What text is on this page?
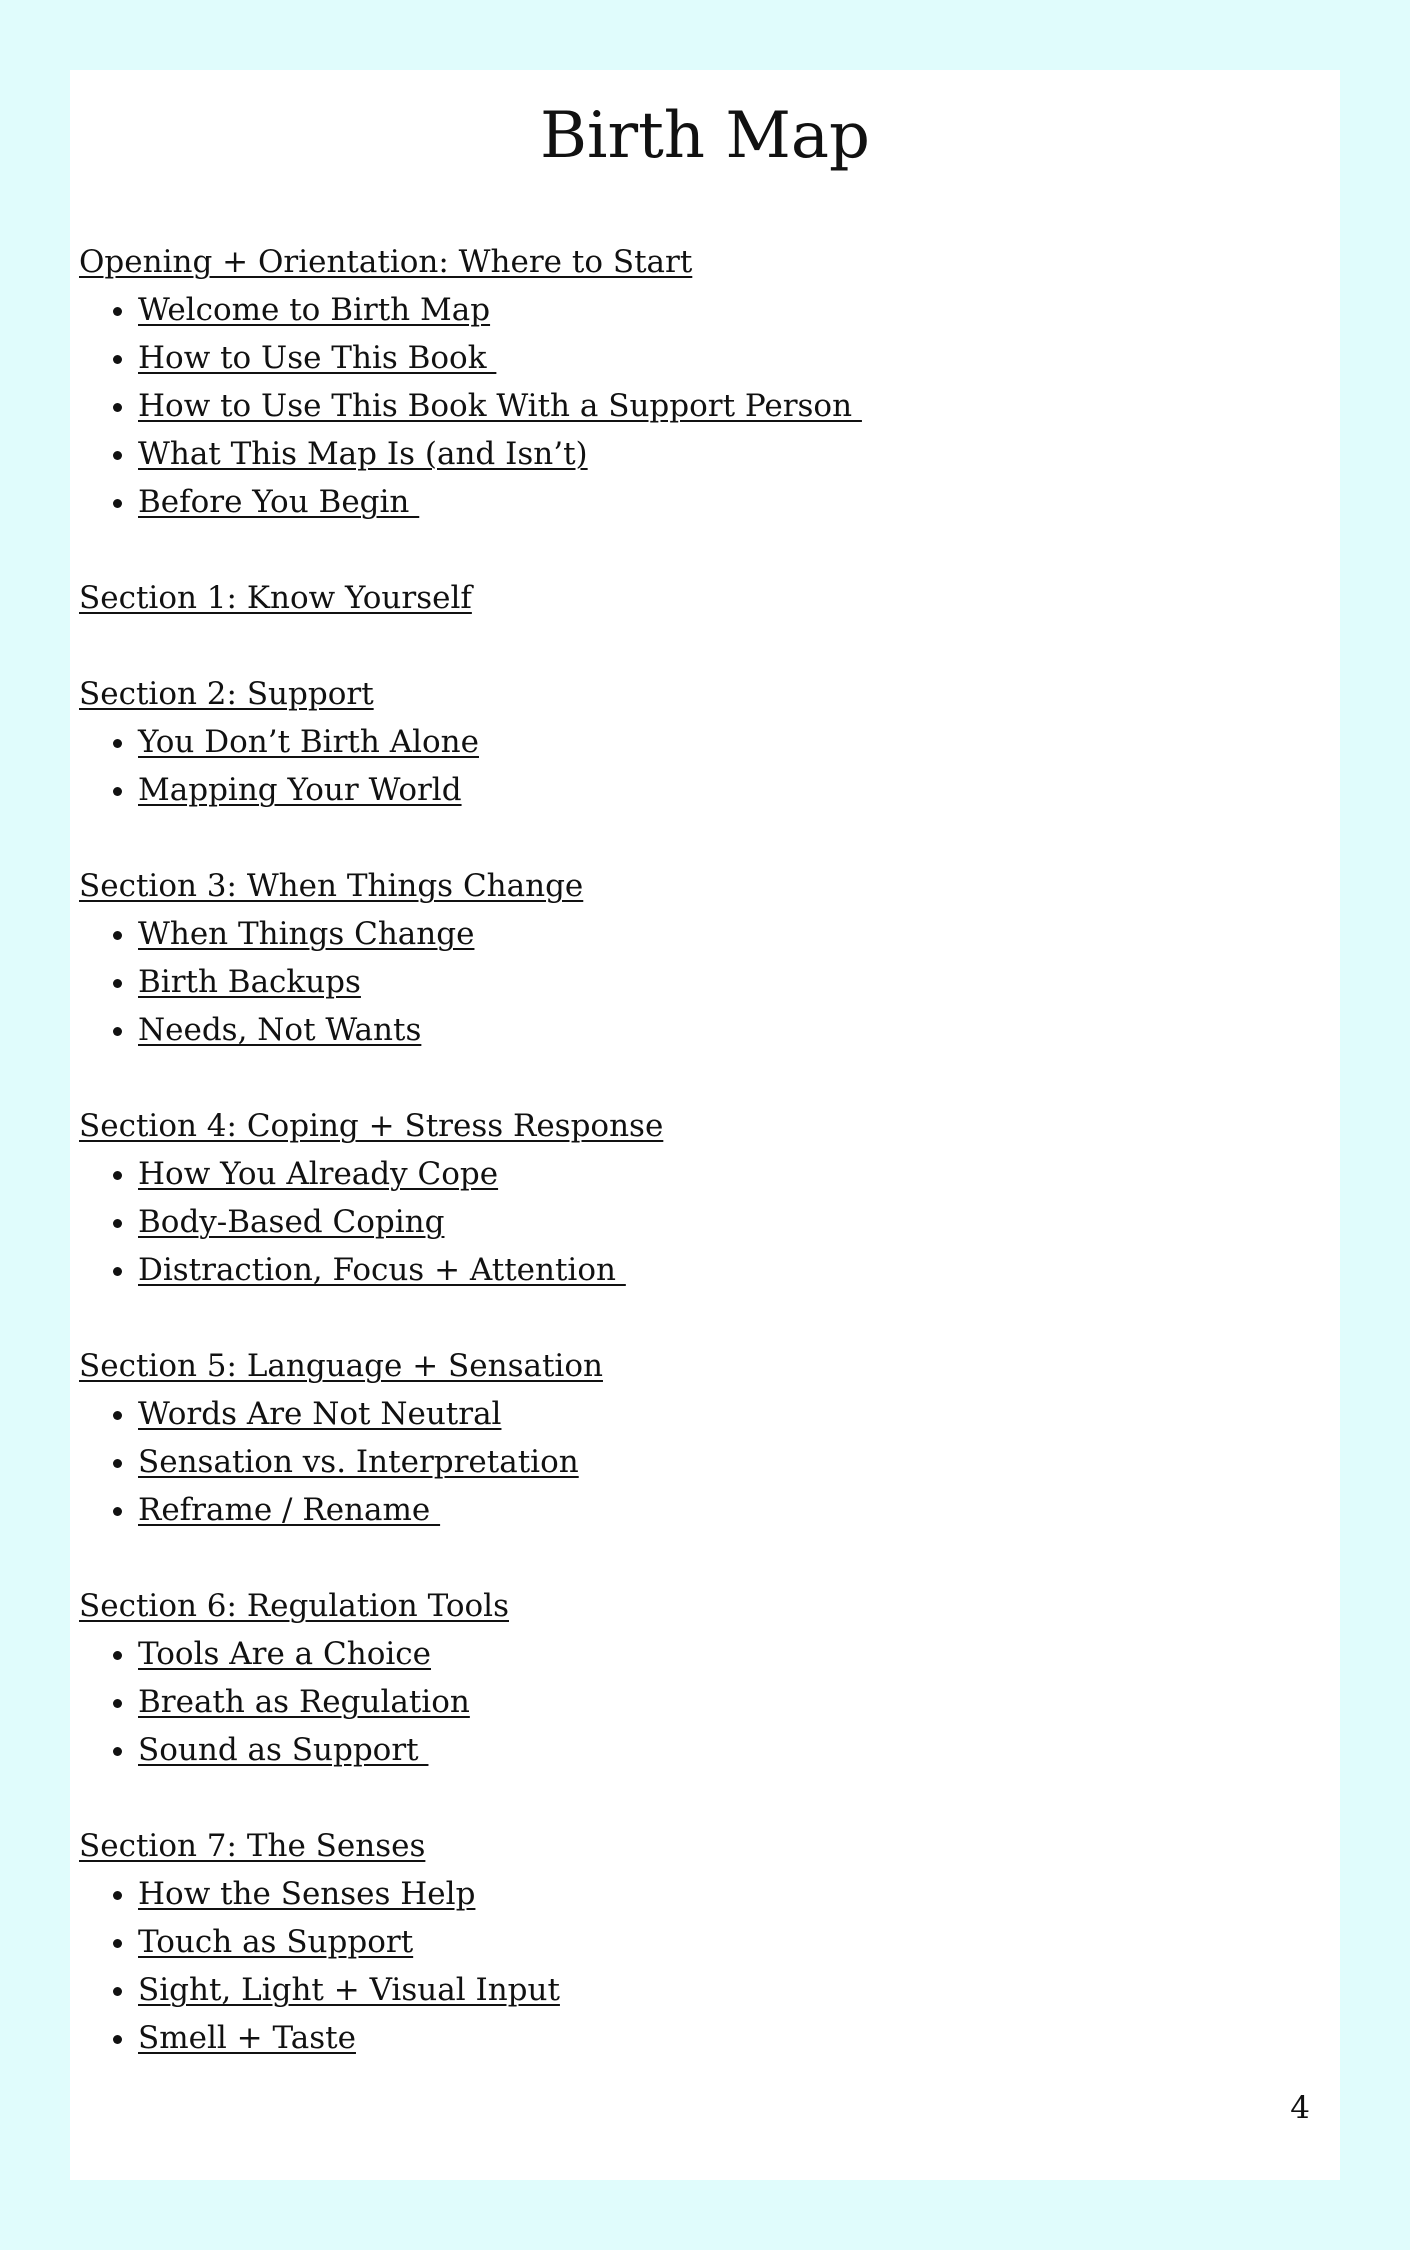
Birth Map
Opening + Orientation: Where to Start
Welcome to Birth Map
How to Use This Book
How to Use This Book With a Support Person
What This Map Is (and Isn’t)
Before You Begin
Section 1: Know Yourself
Section 2: Support
You Don’t Birth Alone
Mapping Your World
Section 3: When Things Change
When Things Change
Birth Backups
Needs, Not Wants
Section 4: Coping + Stress Response
How You Already Cope
Body-Based Coping
Distraction, Focus + Attention
Section 5: Language + Sensation
Words Are Not Neutral
Sensation vs. Interpretation
Reframe / Rename
Section 6: Regulation Tools
Tools Are a Choice
Breath as Regulation
Sound as Support
Section 7: The Senses
How the Senses Help
Touch as Support
Sight, Light + Visual Input
Smell + Taste
4
